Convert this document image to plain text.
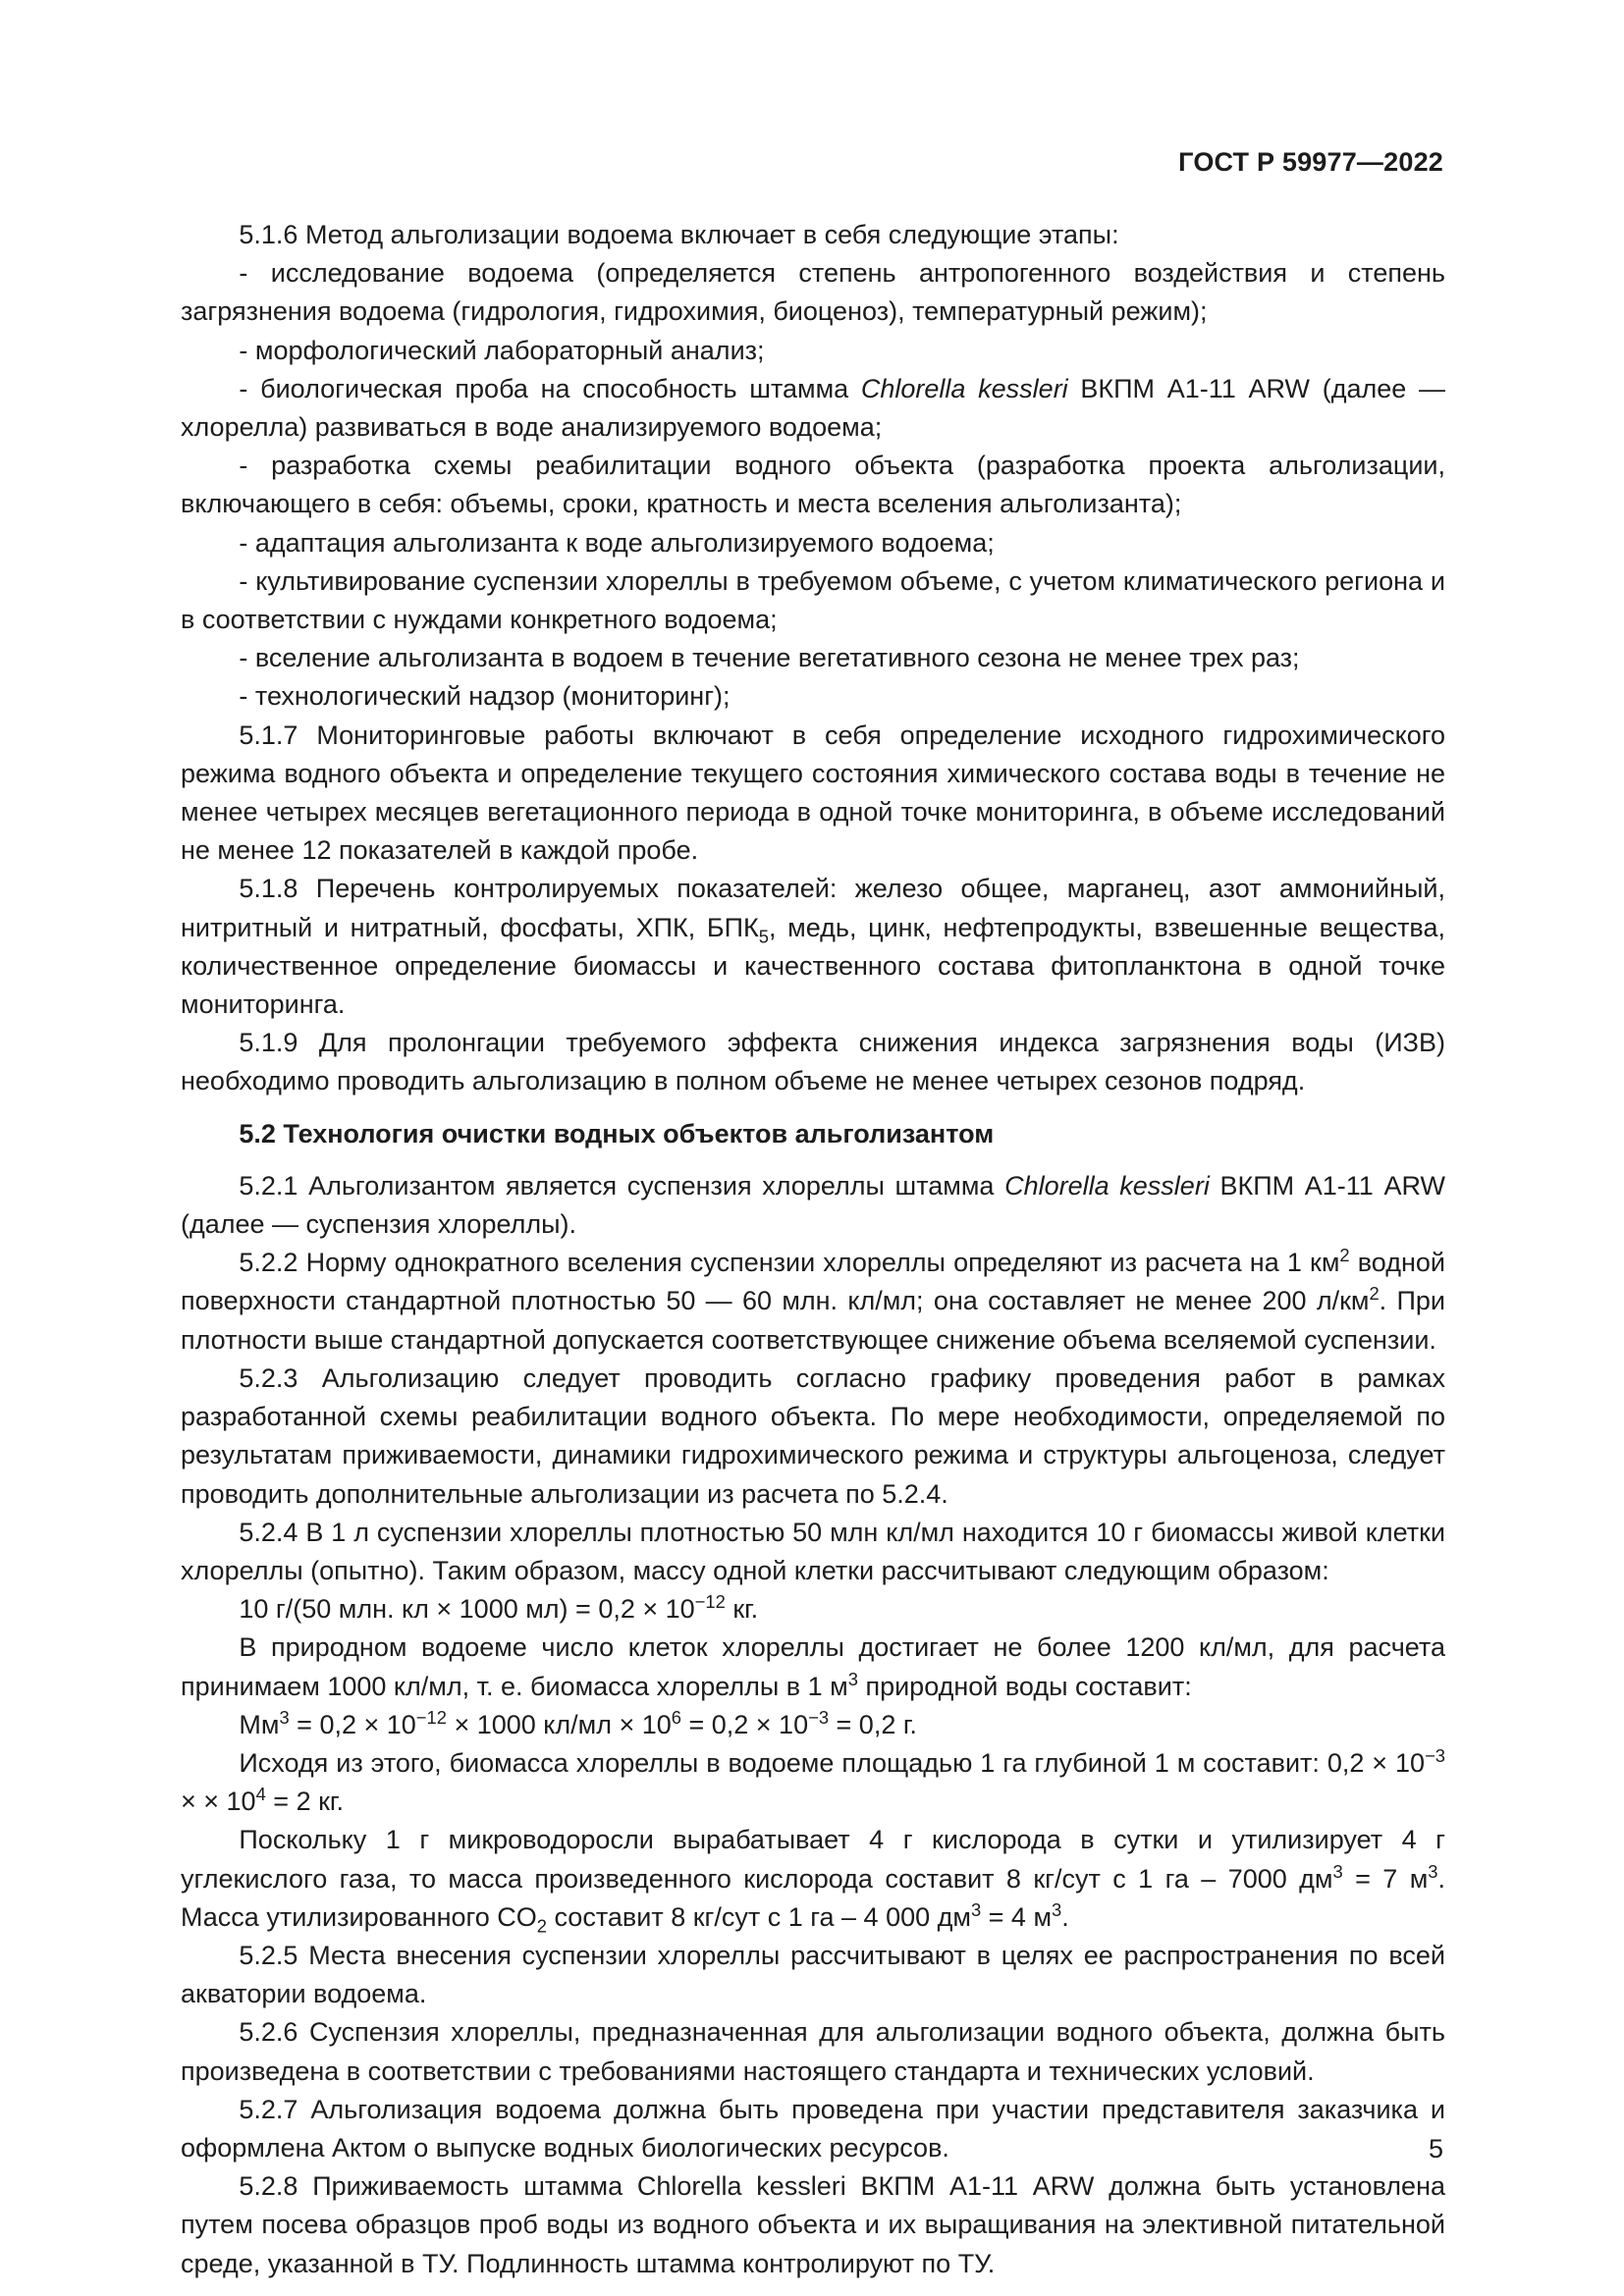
ГОСТ Р 59977—2022

5.1.6 Метод альголизации водоема включает в себя следующие этапы:

- исследование водоема (определяется степень антропогенного воздействия и степень загрязнения водоема (гидрология, гидрохимия, биоценоз), температурный режим);

- морфологический лабораторный анализ;

- биологическая проба на способность штамма Chlorella kessleri ВКПМ А1-11 ARW (далее — хлорелла) развиваться в воде анализируемого водоема;

- разработка схемы реабилитации водного объекта (разработка проекта альголизации, включающего в себя: объемы, сроки, кратность и места вселения альголизанта);

- адаптация альголизанта к воде альголизируемого водоема;

- культивирование суспензии хлореллы в требуемом объеме, с учетом климатического региона и в соответствии с нуждами конкретного водоема;

- вселение альголизанта в водоем в течение вегетативного сезона не менее трех раз;

- технологический надзор (мониторинг);

5.1.7 Мониторинговые работы включают в себя определение исходного гидрохимического режима водного объекта и определение текущего состояния химического состава воды в течение не менее четырех месяцев вегетационного периода в одной точке мониторинга, в объеме исследований не менее 12 показателей в каждой пробе.

5.1.8 Перечень контролируемых показателей: железо общее, марганец, азот аммонийный, нитритный и нитратный, фосфаты, ХПК, $БПК_5$, медь, цинк, нефтепродукты, взвешенные вещества, количественное определение биомассы и качественного состава фитопланктона в одной точке мониторинга.

5.1.9 Для пролонгации требуемого эффекта снижения индекса загрязнения воды (ИЗВ) необходимо проводить альголизацию в полном объеме не менее четырех сезонов подряд.

5.2 Технология очистки водных объектов альголизантом

5.2.1 Альголизантом является суспензия хлореллы штамма Chlorella kessleri ВКПМ А1-11 ARW (далее — суспензия хлореллы).

5.2.2 Норму однократного вселения суспензии хлореллы определяют из расчета на 1 $км^2$ водной поверхности стандартной плотностью 50 — 60 млн. кл/мл; она составляет не менее 200 $л/км^2$. При плотности выше стандартной допускается соответствующее снижение объема вселяемой суспензии.

5.2.3 Альголизацию следует проводить согласно графику проведения работ в рамках разработанной схемы реабилитации водного объекта. По мере необходимости, определяемой по результатам приживаемости, динамики гидрохимического режима и структуры альгоценоза, следует проводить дополнительные альголизации из расчета по 5.2.4.

5.2.4 В 1 л суспензии хлореллы плотностью 50 млн кл/мл находится 10 г биомассы живой клетки хлореллы (опытно). Таким образом, массу одной клетки рассчитывают следующим образом:

10 г/(50 млн. кл × 1000 $мл) = 0,2 \times 10^{-12}$ кг.

В природном водоеме число клеток хлореллы достигает не более 1200 кл/мл, для расчета принимаем 1000 кл/мл, т. е. биомасса хлореллы в 1 $м^3$ природной воды составит:

$Мм^3 = 0,2 \times 10^{-12} \times 1000$ $кл/мл \times 10^6 = 0,2 \times 10^{-3} = 0,2$ г.

Исходя из этого, биомасса хлореллы в водоеме площадью 1 га глубиной 1 м составит: $0,2 \times 10^{-3}$ × × $10^4 = 2$ кг.

Поскольку 1 г микроводоросли вырабатывает 4 г кислорода в сутки и утилизирует 4 г углекислого газа, то масса произведенного кислорода составит 8 кг/сут с 1 га – 7000 $дм^3 = 7$ $м^3$. Масса утилизированного $CO_2$ составит 8 кг/сут с 1 га – 4 000 $дм^3 = 4$ $м^3$.

5.2.5 Места внесения суспензии хлореллы рассчитывают в целях ее распространения по всей акватории водоема.

5.2.6 Суспензия хлореллы, предназначенная для альголизации водного объекта, должна быть произведена в соответствии с требованиями настоящего стандарта и технических условий.

5.2.7 Альголизация водоема должна быть проведена при участии представителя заказчика и оформлена Актом о выпуске водных биологических ресурсов.

5.2.8 Приживаемость штамма Chlorella kessleri ВКПМ А1-11 ARW должна быть установлена путем посева образцов проб воды из водного объекта и их выращивания на элективной питательной среде, указанной в ТУ. Подлинность штамма контролируют по ТУ.

5
